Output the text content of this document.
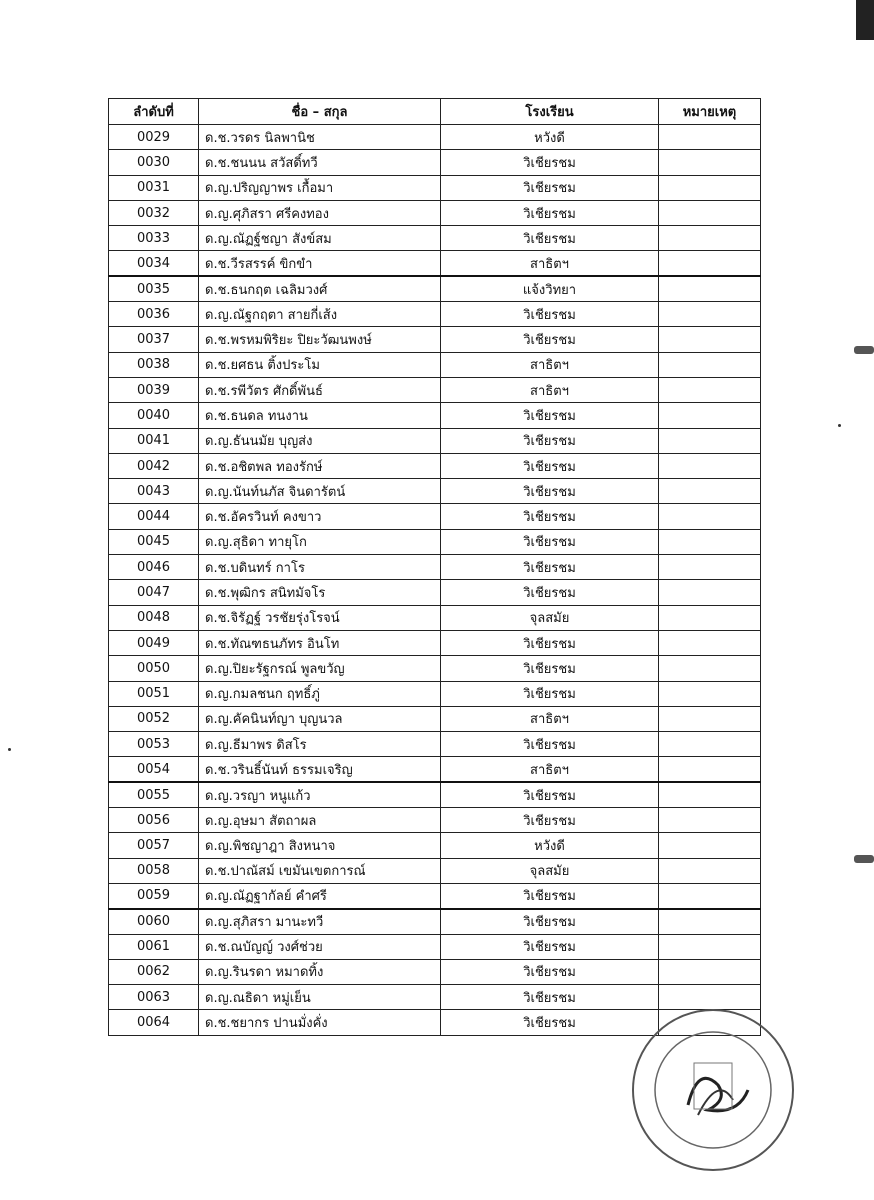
ลำดับที่	ชื่อ – สกุล	โรงเรียน	หมายเหตุ
0029	ด.ช.วรดร นิลพานิช	หวังดี	
0030	ด.ช.ชนนน สวัสดิ์ทวี	วิเชียรชม	
0031	ด.ญ.ปริญญาพร เกื้อมา	วิเชียรชม	
0032	ด.ญ.ศุภิสรา ศรีคงทอง	วิเชียรชม	
0033	ด.ญ.ณัฏฐ์ชญา สังข์สม	วิเชียรชม	
0034	ด.ช.วีรสรรค์ ขิกขำ	สาธิตฯ	
0035	ด.ช.ธนกฤต เฉลิมวงศ์	แจ้งวิทยา	
0036	ด.ญ.ณัฐกฤตา สายกี่เส้ง	วิเชียรชม	
0037	ด.ช.พรหมพิริยะ ปิยะวัฒนพงษ์	วิเชียรชม	
0038	ด.ช.ยศธน ติ้งประโม	สาธิตฯ	
0039	ด.ช.รพีวัตร ศักดิ์พันธ์	สาธิตฯ	
0040	ด.ช.ธนดล ทนงาน	วิเชียรชม	
0041	ด.ญ.ธันนมัย บุญส่ง	วิเชียรชม	
0042	ด.ช.อชิตพล ทองรักษ์	วิเชียรชม	
0043	ด.ญ.นันท์นภัส จินดารัตน์	วิเชียรชม	
0044	ด.ช.อัครวินท์ คงขาว	วิเชียรชม	
0045	ด.ญ.สุธิดา ทายุโก	วิเชียรชม	
0046	ด.ช.บดินทร์ กาโร	วิเชียรชม	
0047	ด.ช.พุฒิกร สนิทมัจโร	วิเชียรชม	
0048	ด.ช.จิรัฏฐ์ วรชัยรุ่งโรจน์	จุลสมัย	
0049	ด.ช.ทัณฑธนภัทร อินโท	วิเชียรชม	
0050	ด.ญ.ปิยะรัฐกรณ์ พูลขวัญ	วิเชียรชม	
0051	ด.ญ.กมลชนก ฤทธิ์ภู่	วิเชียรชม	
0052	ด.ญ.คัคนินท์ญา บุญนวล	สาธิตฯ	
0053	ด.ญ.ธีมาพร ดิสโร	วิเชียรชม	
0054	ด.ช.วรินธิ์นันท์ ธรรมเจริญ	สาธิตฯ	
0055	ด.ญ.วรญา หนูแก้ว	วิเชียรชม	
0056	ด.ญ.อุษมา สัตถาผล	วิเชียรชม	
0057	ด.ญ.พิชญาฎา สิงหนาจ	หวังดี	
0058	ด.ช.ปาณัสม์ เขมันเขตการณ์	จุลสมัย	
0059	ด.ญ.ณัฏฐากัลย์ คำศรี	วิเชียรชม	
0060	ด.ญ.สุภิสรา มานะทวี	วิเชียรชม	
0061	ด.ช.ณบัญญ์ วงศ์ช่วย	วิเชียรชม	
0062	ด.ญ.รินรดา หมาดทิ้ง	วิเชียรชม	
0063	ด.ญ.ณธิดา หมู่เย็น	วิเชียรชม	
0064	ด.ช.ชยากร ปานมั่งคั่ง	วิเชียรชม	
